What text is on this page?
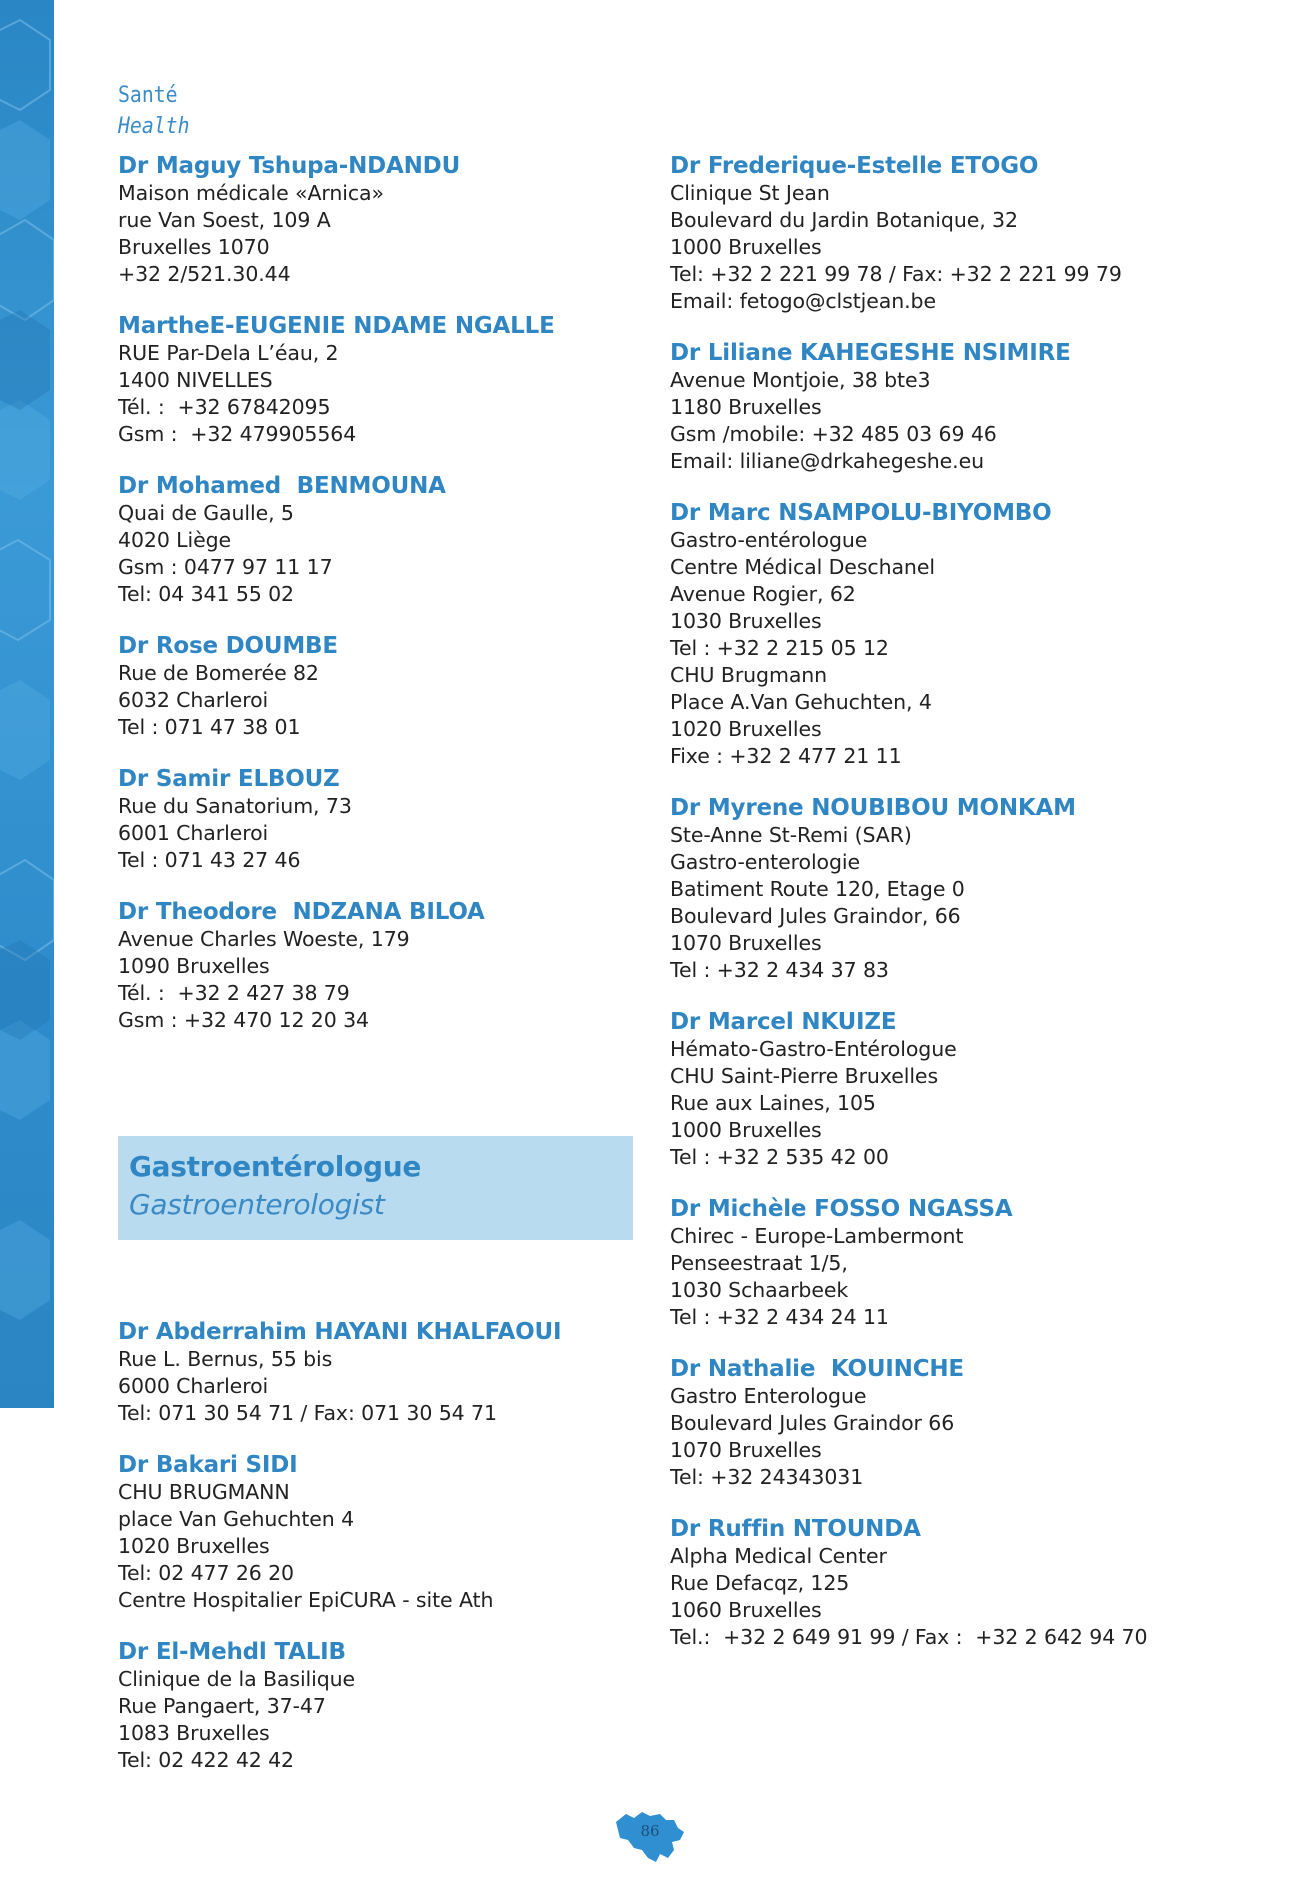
Santé
Health
Dr Maguy Tshupa-NDANDU
Maison médicale «Arnica»
rue Van Soest, 109 A
Bruxelles 1070
+32 2/521.30.44
MartheE-EUGENIE NDAME NGALLE
RUE Par-Dela L’éau, 2
1400 NIVELLES
Tél. :  +32 67842095
Gsm :  +32 479905564
Dr Mohamed  BENMOUNA
Quai de Gaulle, 5
4020 Liège
Gsm : 0477 97 11 17
Tel: 04 341 55 02
Dr Rose DOUMBE
Rue de Bomerée 82
6032 Charleroi
Tel : 071 47 38 01
Dr Samir ELBOUZ
Rue du Sanatorium, 73
6001 Charleroi
Tel : 071 43 27 46
Dr Theodore  NDZANA BILOA
Avenue Charles Woeste, 179
1090 Bruxelles
Tél. :  +32 2 427 38 79
Gsm : +32 470 12 20 34
Gastroentérologue
Gastroenterologist
Dr Abderrahim HAYANI KHALFAOUI
Rue L. Bernus, 55 bis
6000 Charleroi
Tel: 071 30 54 71 / Fax: 071 30 54 71
Dr Bakari SIDI
CHU BRUGMANN
place Van Gehuchten 4
1020 Bruxelles
Tel: 02 477 26 20
Centre Hospitalier EpiCURA - site Ath
Dr El-Mehdl TALIB
Clinique de la Basilique
Rue Pangaert, 37-47
1083 Bruxelles
Tel: 02 422 42 42
Dr Frederique-Estelle ETOGO
Clinique St Jean
Boulevard du Jardin Botanique, 32
1000 Bruxelles
Tel: +32 2 221 99 78 / Fax: +32 2 221 99 79
Email: fetogo@clstjean.be
Dr Liliane KAHEGESHE NSIMIRE
Avenue Montjoie, 38 bte3
1180 Bruxelles
Gsm /mobile: +32 485 03 69 46
Email: liliane@drkahegeshe.eu
Dr Marc NSAMPOLU-BIYOMBO
Gastro-entérologue
Centre Médical Deschanel
Avenue Rogier, 62
1030 Bruxelles
Tel : +32 2 215 05 12
CHU Brugmann
Place A.Van Gehuchten, 4
1020 Bruxelles
Fixe : +32 2 477 21 11
Dr Myrene NOUBIBOU MONKAM
Ste-Anne St-Remi (SAR)
Gastro-enterologie
Batiment Route 120, Etage 0
Boulevard Jules Graindor, 66
1070 Bruxelles
Tel : +32 2 434 37 83
Dr Marcel NKUIZE
Hémato-Gastro-Entérologue
CHU Saint-Pierre Bruxelles
Rue aux Laines, 105
1000 Bruxelles
Tel : +32 2 535 42 00
Dr Michèle FOSSO NGASSA
Chirec - Europe-Lambermont
Penseestraat 1/5,
1030 Schaarbeek
Tel : +32 2 434 24 11
Dr Nathalie  KOUINCHE
Gastro Enterologue
Boulevard Jules Graindor 66
1070 Bruxelles
Tel: +32 24343031
Dr Ruffin NTOUNDA
Alpha Medical Center
Rue Defacqz, 125
1060 Bruxelles
Tel.:  +32 2 649 91 99 / Fax :  +32 2 642 94 70
86
